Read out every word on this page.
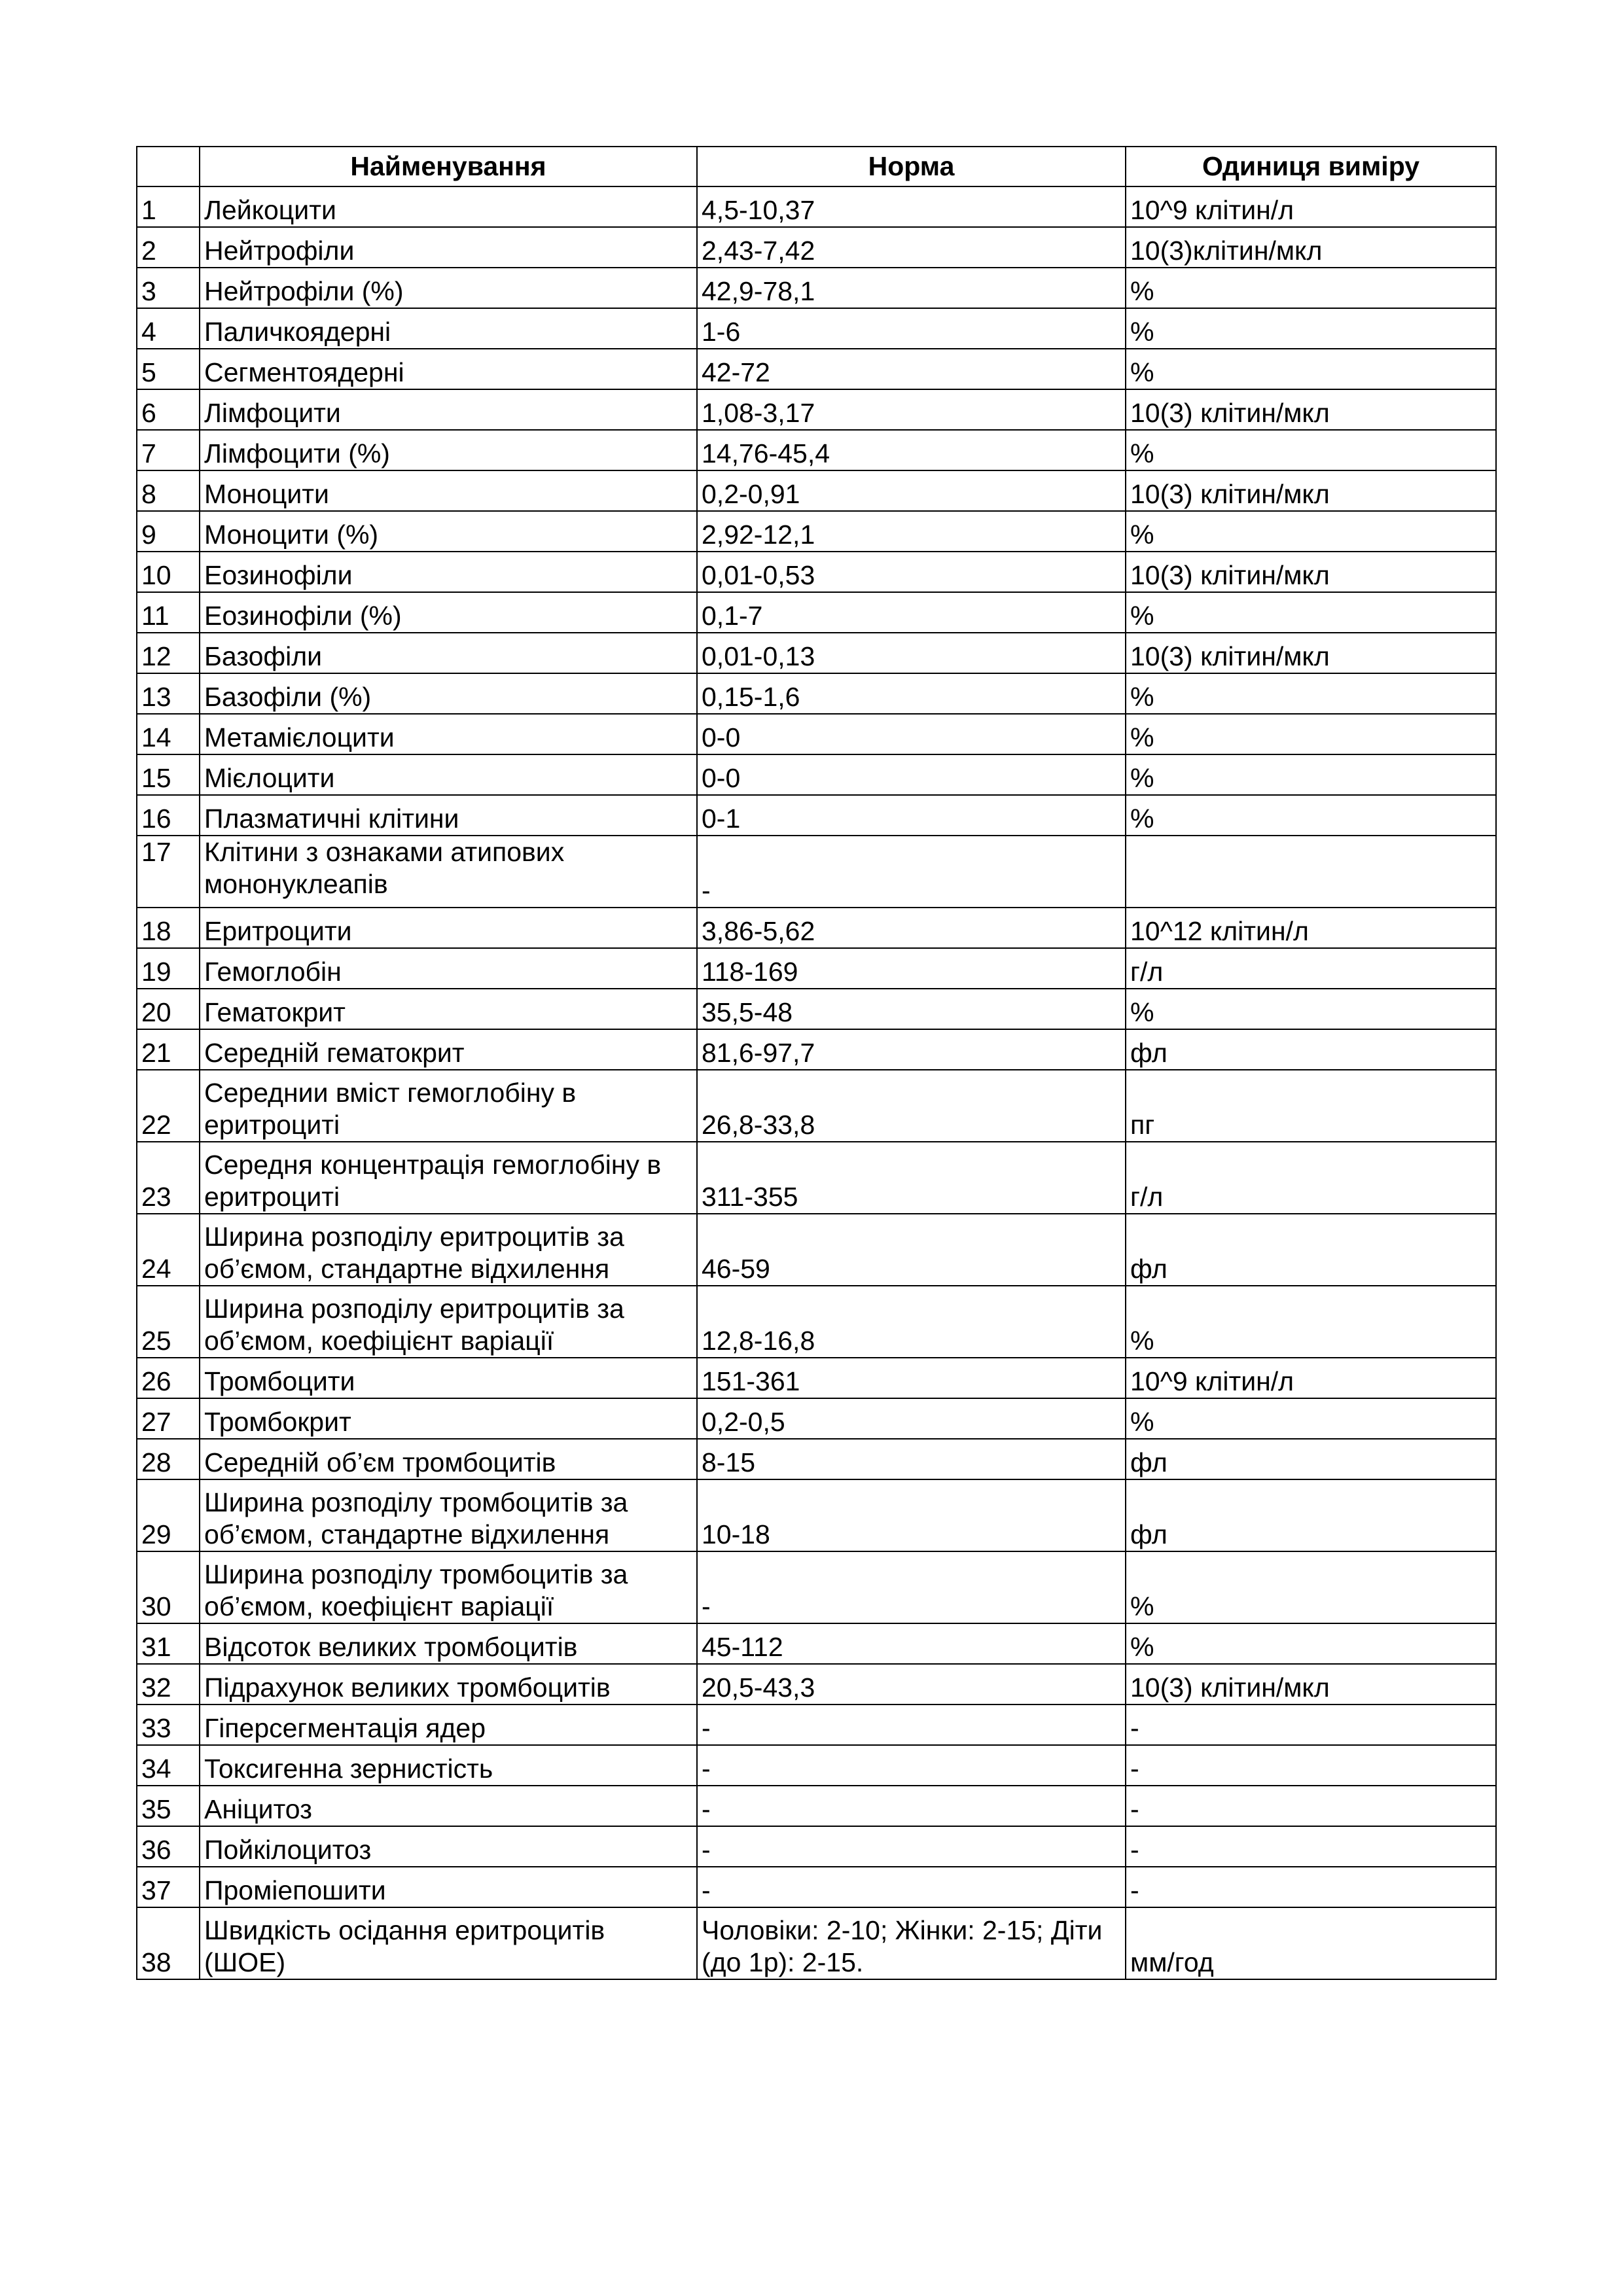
	Найменування	Норма	Одиниця виміру
1	Лейкоцити	4,5-10,37	10^9 клітин/л
2	Нейтрофіли	2,43-7,42	10(3)клітин/мкл
3	Нейтрофіли (%)	42,9-78,1	%
4	Паличкоядерні	1-6	%
5	Сегментоядерні	42-72	%
6	Лімфоцити	1,08-3,17	10(3) клітин/мкл
7	Лімфоцити (%)	14,76-45,4	%
8	Моноцити	0,2-0,91	10(3) клітин/мкл
9	Моноцити (%)	2,92-12,1	%
10	Еозинофіли	0,01-0,53	10(3) клітин/мкл
11	Еозинофіли (%)	0,1-7	%
12	Базофіли	0,01-0,13	10(3) клітин/мкл
13	Базофіли (%)	0,15-1,6	%
14	Метамієлоцити	0-0	%
15	Мієлоцити	0-0	%
16	Плазматичні клітини	0-1	%
17	Клітини з ознаками атипових мононуклеапів	-	
18	Еритроцити	3,86-5,62	10^12 клітин/л
19	Гемоглобін	118-169	г/л
20	Гематокрит	35,5-48	%
21	Середній гематокрит	81,6-97,7	фл
22	Середнии вміст гемоглобіну в еритроциті	26,8-33,8	пг
23	Середня концентрація гемоглобіну в еритроциті	311-355	г/л
24	Ширина розподілу еритроцитів за об’ємом, стандартне відхилення	46-59	фл
25	Ширина розподілу еритроцитів за об’ємом, коефіцієнт варіації	12,8-16,8	%
26	Тромбоцити	151-361	10^9 клітин/л
27	Тромбокрит	0,2-0,5	%
28	Середній об’єм тромбоцитів	8-15	фл
29	Ширина розподілу тромбоцитів за об’ємом, стандартне відхилення	10-18	фл
30	Ширина розподілу тромбоцитів за об’ємом, коефіцієнт варіації	-	%
31	Відсоток великих тромбоцитів	45-112	%
32	Підрахунок великих тромбоцитів	20,5-43,3	10(3) клітин/мкл
33	Гіперсегментація ядер	-	-
34	Токсигенна зернистість	-	-
35	Аніцитоз	-	-
36	Пойкілоцитоз	-	-
37	Проміепошити	-	-
38	Швидкість осідання еритроцитів (ШОЕ)	Чоловіки: 2-10; Жінки: 2-15; Діти (до 1р): 2-15.	мм/год
